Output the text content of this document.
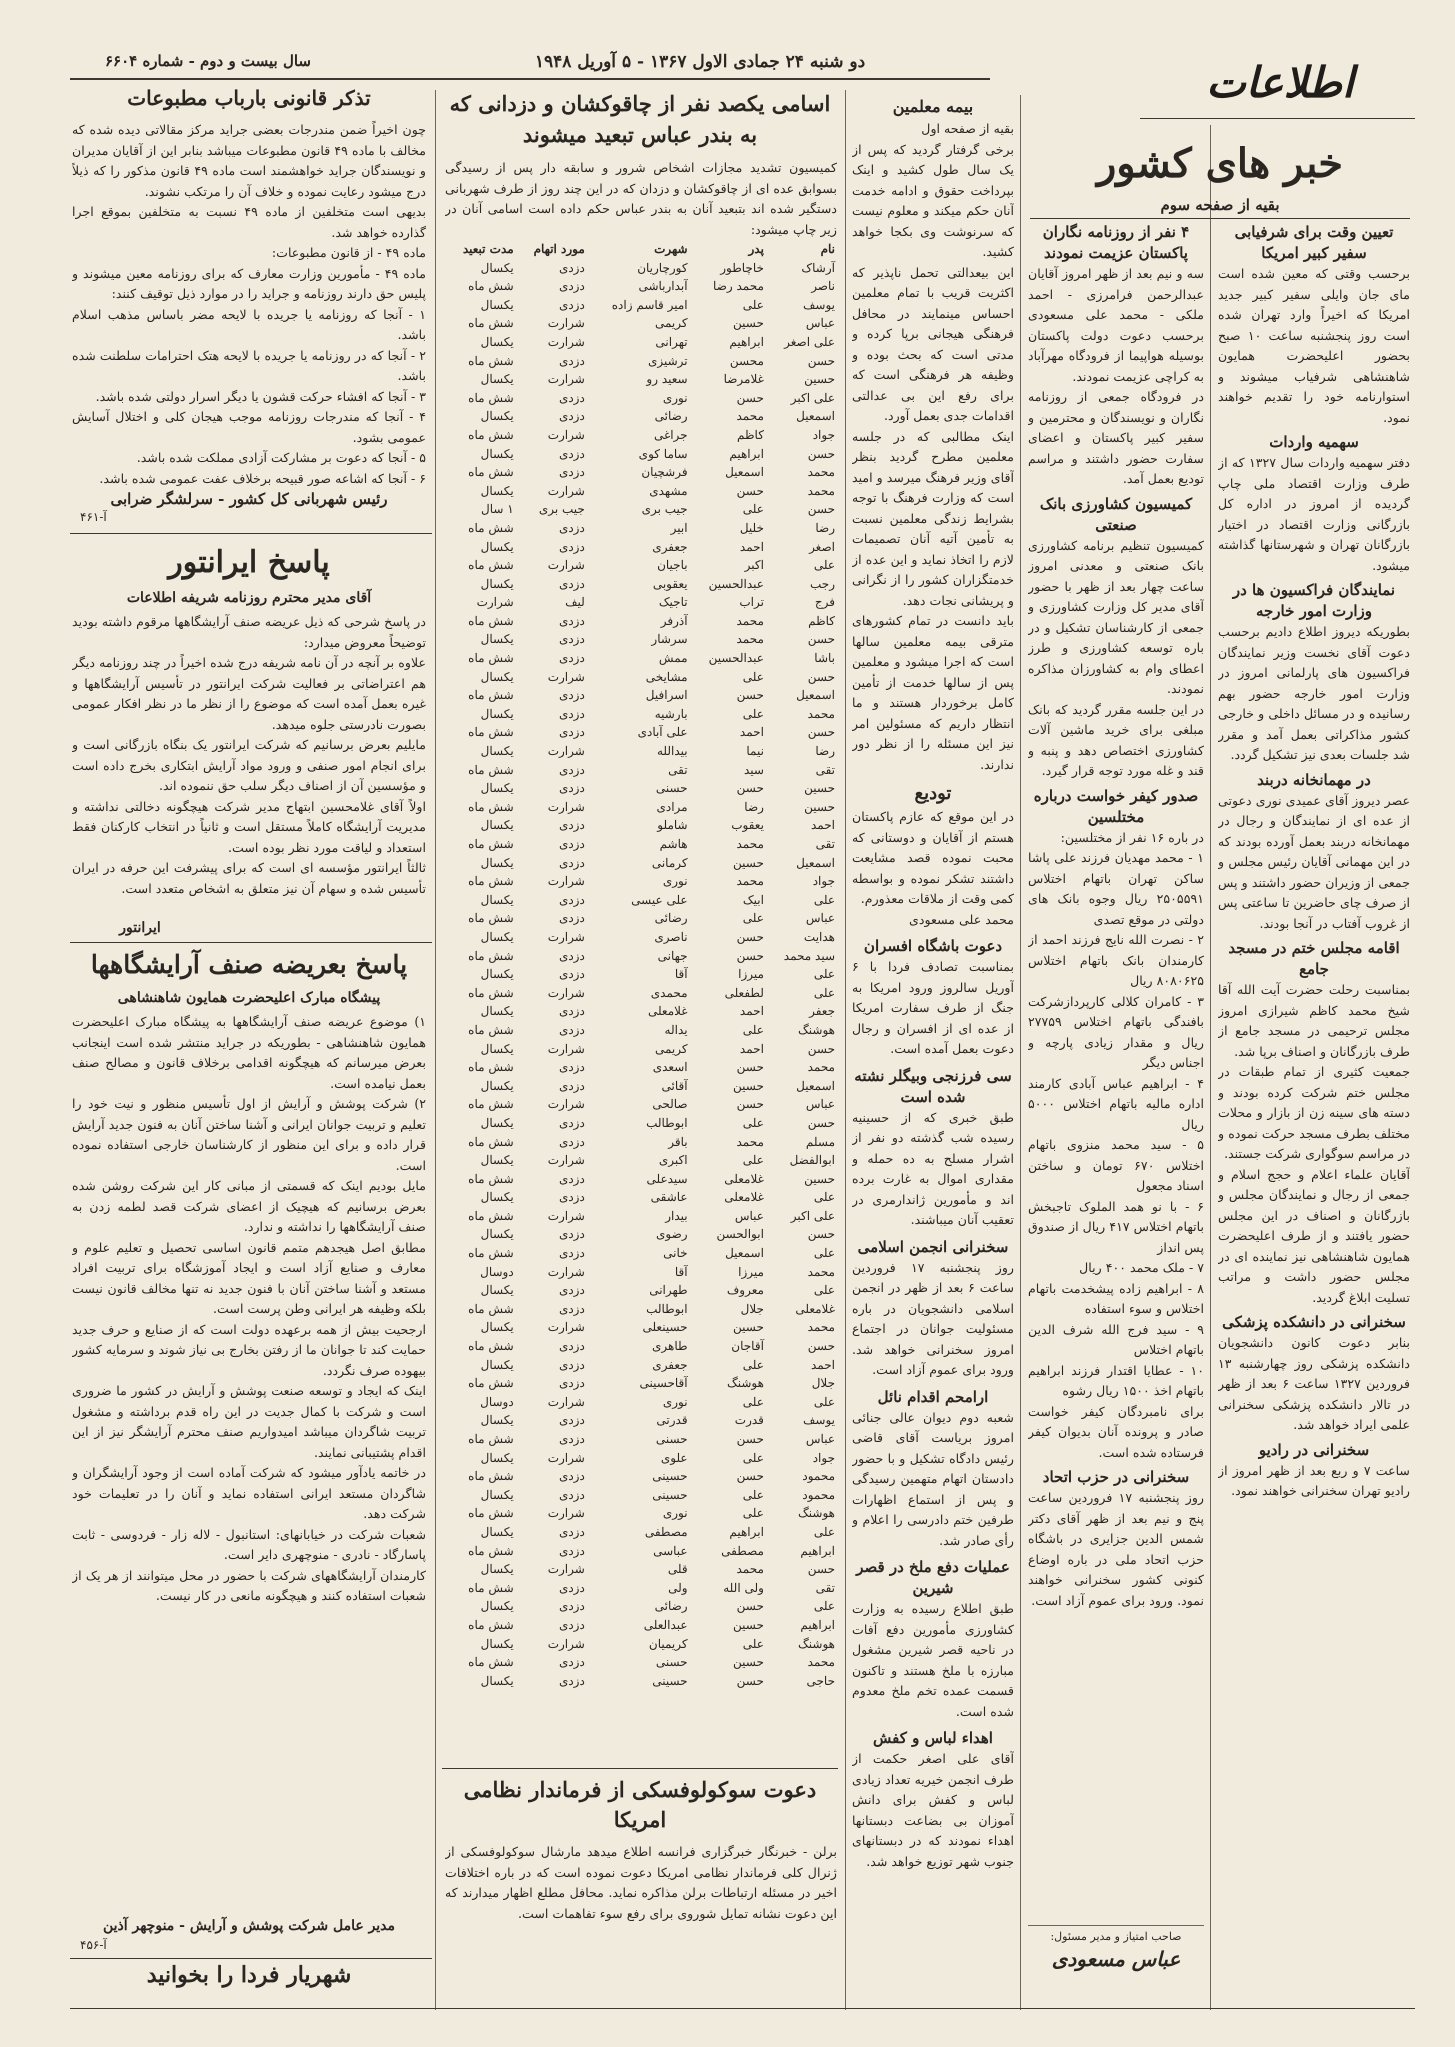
اطلاعات
دو شنبه ۲۴ جمادی الاول ۱۳۶۷ - ۵ آوریل ۱۹۴۸
سال بیست و دوم - شماره ۶۶۰۴
خبر های کشور
بقیه از صفحه سوم
تعیین وقت برای شرفیابی سفیر کبیر امریکا
برحسب وقتی که معین شده است مای جان وایلی سفیر کبیر جدید امریکا که اخیراً وارد تهران شده است روز پنجشنبه ساعت ۱۰ صبح بحضور اعلیحضرت همایون شاهنشاهی شرفیاب میشوند و استوارنامه خود را تقدیم خواهند نمود.
سهمیه واردات
دفتر سهمیه واردات سال ۱۳۲۷ که از طرف وزارت اقتصاد ملی چاپ گردیده از امروز در اداره کل بازرگانی وزارت اقتصاد در اختیار بازرگانان تهران و شهرستانها گذاشته میشود.
نمایندگان فراکسیون ها در وزارت امور خارجه
بطوریکه دیروز اطلاع دادیم برحسب دعوت آقای نخست وزیر نمایندگان فراکسیون های پارلمانی امروز در وزارت امور خارجه حضور بهم رسانیده و در مسائل داخلی و خارجی کشور مذاکراتی بعمل آمد و مقرر شد جلسات بعدی نیز تشکیل گردد.
در مهمانخانه دربند
عصر دیروز آقای عمیدی نوری دعوتی از عده ای از نمایندگان و رجال در مهمانخانه دربند بعمل آورده بودند که در این مهمانی آقایان رئیس مجلس و جمعی از وزیران حضور داشتند و پس از صرف چای حاضرین تا ساعتی پس از غروب آفتاب در آنجا بودند.
اقامه مجلس ختم در مسجد جامع
بمناسبت رحلت حضرت آیت الله آقا شیخ محمد کاظم شیرازی امروز مجلس ترحیمی در مسجد جامع از طرف بازرگانان و اصناف برپا شد.
جمعیت کثیری از تمام طبقات در مجلس ختم شرکت کرده بودند و دسته های سینه زن از بازار و محلات مختلف بطرف مسجد حرکت نموده و در مراسم سوگواری شرکت جستند.
آقایان علماء اعلام و حجج اسلام و جمعی از رجال و نمایندگان مجلس و بازرگانان و اصناف در این مجلس حضور یافتند و از طرف اعلیحضرت همایون شاهنشاهی نیز نماینده ای در مجلس حضور داشت و مراتب تسلیت ابلاغ گردید.
سخنرانی در دانشکده پزشکی
بنابر دعوت کانون دانشجویان دانشکده پزشکی روز چهارشنبه ۱۳ فروردین ۱۳۲۷ ساعت ۶ بعد از ظهر در تالار دانشکده پزشکی سخنرانی علمی ایراد خواهد شد.
سخنرانی در رادیو
ساعت ۷ و ربع بعد از ظهر امروز از رادیو تهران سخنرانی خواهند نمود.
۴ نفر از روزنامه نگاران پاکستان عزیمت نمودند
سه و نیم بعد از ظهر امروز آقایان عبدالرحمن فرامرزی - احمد ملکی - محمد علی مسعودی برحسب دعوت دولت پاکستان بوسیله هواپیما از فرودگاه مهرآباد به کراچی عزیمت نمودند.
در فرودگاه جمعی از روزنامه نگاران و نویسندگان و محترمین و سفیر کبیر پاکستان و اعضای سفارت حضور داشتند و مراسم تودیع بعمل آمد.
کمیسیون کشاورزی بانک صنعتی
کمیسیون تنظیم برنامه کشاورزی بانک صنعتی و معدنی امروز ساعت چهار بعد از ظهر با حضور آقای مدیر کل وزارت کشاورزی و جمعی از کارشناسان تشکیل و در باره توسعه کشاورزی و طرز اعطای وام به کشاورزان مذاکره نمودند.
در این جلسه مقرر گردید که بانک مبلغی برای خرید ماشین آلات کشاورزی اختصاص دهد و پنبه و قند و غله مورد توجه قرار گیرد.
صدور کیفر خواست درباره مختلسین
در باره ۱۶ نفر از مختلسین:
۱ - محمد مهدیان فرزند علی پاشا ساکن تهران باتهام اختلاس ۲۵۰۵۵۹۱ ریال وجوه بانک های دولتی در موقع تصدی
۲ - نصرت الله نایج فرزند احمد از کارمندان بانک باتهام اختلاس ۸۰۸۰۶۲۵ ریال
۳ - کامران کلالی کارپردازشرکت بافندگی باتهام اختلاس ۲۷۷۵۹ ریال و مقدار زیادی پارچه و اجناس دیگر
۴ - ابراهیم عباس آبادی کارمند اداره مالیه باتهام اختلاس ۵۰۰۰ ریال
۵ - سید محمد منزوی باتهام اختلاس ۶۷۰ تومان و ساختن اسناد مجعول
۶ - با نو همد الملوک تاجبخش باتهام اختلاس ۴۱۷ ریال از صندوق پس انداز
۷ - ملک محمد ۴۰۰ ریال
۸ - ابراهیم زاده پیشخدمت باتهام اختلاس و سوء استفاده
۹ - سید فرج الله شرف الدین باتهام اختلاس
۱۰ - عطایا اقتدار فرزند ابراهیم باتهام اخذ ۱۵۰۰ ریال رشوه
برای نامبردگان کیفر خواست صادر و پرونده آنان بدیوان کیفر فرستاده شده است.
سخنرانی در حزب اتحاد
روز پنجشنبه ۱۷ فروردین ساعت پنج و نیم بعد از ظهر آقای دکتر شمس الدین جزایری در باشگاه حزب اتحاد ملی در باره اوضاع کنونی کشور سخنرانی خواهند نمود. ورود برای عموم آزاد است.
صاحب امتیاز و مدیر مسئول:
عباس مسعودی
بیمه معلمین
بقیه از صفحه اول
برخی گرفتار گردید که پس از یک سال طول کشید و اینک بپرداخت حقوق و ادامه خدمت آنان حکم میکند و معلوم نیست که سرنوشت وی بکجا خواهد کشید.
این بیعدالتی تحمل ناپذیر که اکثریت قریب با تمام معلمین احساس مینمایند در محافل فرهنگی هیجانی برپا کرده و مدتی است که بحث بوده و وظیفه هر فرهنگی است که برای رفع این بی عدالتی اقدامات جدی بعمل آورد.
اینک مطالبی که در جلسه معلمین مطرح گردید بنظر آقای وزیر فرهنگ میرسد و امید است که وزارت فرهنگ با توجه بشرایط زندگی معلمین نسبت به تأمین آتیه آنان تصمیمات لازم را اتخاذ نماید و این عده از خدمتگزاران کشور را از نگرانی و پریشانی نجات دهد.
باید دانست در تمام کشورهای مترقی بیمه معلمین سالها است که اجرا میشود و معلمین پس از سالها خدمت از تأمین کامل برخوردار هستند و ما انتظار داریم که مسئولین امر نیز این مسئله را از نظر دور ندارند.
تودیع
در این موقع که عازم پاکستان هستم از آقایان و دوستانی که محبت نموده قصد مشایعت داشتند تشکر نموده و بواسطه کمی وقت از ملاقات معذورم.
محمد علی مسعودی
دعوت باشگاه افسران
بمناسبت تصادف فردا با ۶ آوریل سالروز ورود امریکا به جنگ از طرف سفارت امریکا از عده ای از افسران و رجال دعوت بعمل آمده است.
سی فرزنجی وبیگلر نشته شده است
طبق خبری که از حسینیه رسیده شب گذشته دو نفر از اشرار مسلح به ده حمله و مقداری اموال به غارت برده اند و مأمورین ژاندارمری در تعقیب آنان میباشند.
سخنرانی انجمن اسلامی
روز پنجشنبه ۱۷ فروردین ساعت ۶ بعد از ظهر در انجمن اسلامی دانشجویان در باره مسئولیت جوانان در اجتماع امروز سخنرانی خواهد شد. ورود برای عموم آزاد است.
ارامحم اقدام نائل
شعبه دوم دیوان عالی جنائی امروز بریاست آقای قاضی رئیس دادگاه تشکیل و با حضور دادستان اتهام متهمین رسیدگی و پس از استماع اظهارات طرفین ختم دادرسی را اعلام و رأی صادر شد.
عملیات دفع ملخ در قصر شیرین
طبق اطلاع رسیده به وزارت کشاورزی مأمورین دفع آفات در ناحیه قصر شیرین مشغول مبارزه با ملخ هستند و تاکنون قسمت عمده تخم ملخ معدوم شده است.
اهداء لباس و کفش
آقای علی اصغر حکمت از طرف انجمن خیریه تعداد زیادی لباس و کفش برای دانش آموزان بی بضاعت دبستانها اهداء نمودند که در دبستانهای جنوب شهر توزیع خواهد شد.
اسامی یکصد نفر از چاقوکشان و دزدانی که به بندر عباس تبعید میشوند
کمیسیون تشدید مجازات اشخاص شرور و سابقه دار پس از رسیدگی بسوابق عده ای از چاقوکشان و دزدان که در این چند روز از طرف شهربانی دستگیر شده اند بتبعید آنان به بندر عباس حکم داده است اسامی آنان در زیر چاپ میشود:
نام	پدر	شهرت	مورد اتهام	مدت تبعید
آرشاک	خاچاطور	کورچاریان	دزدی	یکسال
ناصر	محمد رضا	آبدارباشی	دزدی	شش ماه
یوسف	علی	امیر قاسم زاده	دزدی	یکسال
عباس	حسین	کریمی	شرارت	شش ماه
علی اصغر	ابراهیم	تهرانی	شرارت	یکسال
حسن	محسن	ترشیزی	دزدی	شش ماه
حسین	غلامرضا	سعید رو	شرارت	یکسال
علی اکبر	حسن	نوری	دزدی	شش ماه
اسمعیل	محمد	رضائی	دزدی	یکسال
جواد	کاظم	جراغی	شرارت	شش ماه
حسن	ابراهیم	ساما کوی	دزدی	یکسال
محمد	اسمعیل	فرشچیان	دزدی	شش ماه
محمد	حسن	مشهدی	شرارت	یکسال
حسن	علی	جیب بری	جیب بری	۱ سال
رضا	خلیل	ابیر	دزدی	شش ماه
اصغر	احمد	جعفری	دزدی	یکسال
علی	اکبر	باجیان	شرارت	شش ماه
رجب	عبدالحسین	یعقوبی	دزدی	یکسال
فرج	تراب	تاجیک	لیف	شرارت
کاظم	محمد	آذرفر	دزدی	شش ماه
حسن	محمد	سرشار	دزدی	یکسال
باشا	عبدالحسین	ممش	دزدی	شش ماه
حسن	علی	مشایخی	شرارت	یکسال
اسمعیل	حسن	اسرافیل	دزدی	شش ماه
محمد	علی	بارشیه	دزدی	یکسال
حسن	احمد	علی آبادی	دزدی	شش ماه
رضا	نیما	بیدالله	شرارت	یکسال
تقی	سید	تقی	دزدی	شش ماه
حسین	حسن	حسنی	دزدی	یکسال
حسین	رضا	مرادی	شرارت	شش ماه
احمد	یعقوب	شاملو	دزدی	یکسال
تقی	محمد	هاشم	دزدی	شش ماه
اسمعیل	حسین	کرمانی	دزدی	یکسال
جواد	محمد	نوری	شرارت	شش ماه
علی	ابیک	علی عیسی	دزدی	یکسال
عباس	علی	رضائی	دزدی	شش ماه
هدایت	حسن	ناصری	شرارت	یکسال
سید محمد	حسن	جهانی	دزدی	شش ماه
علی	میرزا	آقا	دزدی	یکسال
علی	لطفعلی	محمدی	شرارت	شش ماه
جعفر	احمد	غلامعلی	دزدی	یکسال
هوشنگ	علی	یداله	دزدی	شش ماه
حسن	احمد	کریمی	شرارت	یکسال
محمد	حسن	اسعدی	دزدی	شش ماه
اسمعیل	حسین	آقائی	دزدی	یکسال
عباس	حسن	صالحی	شرارت	شش ماه
حسن	علی	ابوطالب	دزدی	یکسال
مسلم	محمد	باقر	دزدی	شش ماه
ابوالفضل	علی	اکبری	شرارت	یکسال
حسین	غلامعلی	سیدعلی	دزدی	شش ماه
علی	غلامعلی	عاشقی	دزدی	یکسال
علی اکبر	عباس	بیدار	شرارت	شش ماه
حسن	ابوالحسن	رضوی	دزدی	یکسال
علی	اسمعیل	خانی	دزدی	شش ماه
محمد	میرزا	آقا	شرارت	دوسال
علی	معروف	طهرانی	دزدی	یکسال
غلامعلی	جلال	ابوطالب	دزدی	شش ماه
محمد	حسین	حسینعلی	شرارت	یکسال
حسن	آقاجان	طاهری	دزدی	شش ماه
احمد	علی	جعفری	دزدی	یکسال
جلال	هوشنگ	آقاحسینی	دزدی	شش ماه
علی	علی	نوری	شرارت	دوسال
یوسف	قدرت	قدرتی	دزدی	یکسال
عباس	حسن	حسنی	دزدی	شش ماه
جواد	علی	علوی	شرارت	یکسال
محمود	حسن	حسینی	دزدی	شش ماه
محمود	علی	حسینی	دزدی	یکسال
هوشنگ	علی	نوری	شرارت	شش ماه
علی	ابراهیم	مصطفی	دزدی	یکسال
ابراهیم	مصطفی	عباسی	دزدی	شش ماه
حسن	محمد	قلی	شرارت	یکسال
تقی	ولی الله	ولی	دزدی	شش ماه
علی	حسن	رضائی	دزدی	یکسال
ابراهیم	حسین	عبدالعلی	دزدی	شش ماه
هوشنگ	علی	کریمیان	شرارت	یکسال
محمد	حسین	حسنی	دزدی	شش ماه
حاجی	حسن	حسینی	دزدی	یکسال
دعوت سوکولوفسکی از فرماندار نظامی امریکا
برلن - خبرنگار خبرگزاری فرانسه اطلاع میدهد مارشال سوکولوفسکی از ژنرال کلی فرماندار نظامی امریکا دعوت نموده است که در باره اختلافات اخیر در مسئله ارتباطات برلن مذاکره نماید. محافل مطلع اظهار میدارند که این دعوت نشانه تمایل شوروی برای رفع سوء تفاهمات است.
تذکر قانونی بارباب مطبوعات
چون اخیراً ضمن مندرجات بعضی جراید مرکز مقالاتی دیده شده که مخالف با ماده ۴۹ قانون مطبوعات میباشد بنابر این از آقایان مدیران و نویسندگان جراید خواهشمند است ماده ۴۹ قانون مذکور را که ذیلاً درج میشود رعایت نموده و خلاف آن را مرتکب نشوند.
بدیهی است متخلفین از ماده ۴۹ نسبت به متخلفین بموقع اجرا گذارده خواهد شد.
ماده ۴۹ - از قانون مطبوعات:
ماده ۴۹ - مأمورین وزارت معارف که برای روزنامه معین میشوند و پلیس حق دارند روزنامه و جراید را در موارد ذیل توقیف کنند:
۱ - آنجا که روزنامه یا جریده با لایحه مضر باساس مذهب اسلام باشد.
۲ - آنجا که در روزنامه یا جریده با لایحه هتک احترامات سلطنت شده باشد.
۳ - آنجا که افشاء حرکت قشون یا دیگر اسرار دولتی شده باشد.
۴ - آنجا که مندرجات روزنامه موجب هیجان کلی و اختلال آسایش عمومی بشود.
۵ - آنجا که دعوت بر مشارکت آزادی مملکت شده باشد.
۶ - آنجا که اشاعه صور قبیحه برخلاف عفت عمومی شده باشد.
رئیس شهربانی کل کشور - سرلشگر ضرابی
آ-۴۶۱
پاسخ ایرانتور
آقای مدیر محترم روزنامه شریفه اطلاعات
در پاسخ شرحی که ذیل عریضه صنف آرایشگاهها مرقوم داشته بودید توضیحاً معروض میدارد:
علاوه بر آنچه در آن نامه شریفه درج شده اخیراً در چند روزنامه دیگر هم اعتراضاتی بر فعالیت شرکت ایرانتور در تأسیس آرایشگاهها و غیره بعمل آمده است که موضوع را از نظر ما در نظر افکار عمومی بصورت نادرستی جلوه میدهد.
مایلیم بعرض برسانیم که شرکت ایرانتور یک بنگاه بازرگانی است و برای انجام امور صنفی و ورود مواد آرایش ابتکاری بخرج داده است و مؤسسین آن از اصناف دیگر سلب حق ننموده اند.
اولاً آقای غلامحسین ابتهاج مدیر شرکت هیچگونه دخالتی نداشته و مدیریت آرایشگاه کاملاً مستقل است و ثانیاً در انتخاب کارکنان فقط استعداد و لیاقت مورد نظر بوده است.
ثالثاً ایرانتور مؤسسه ای است که برای پیشرفت این حرفه در ایران تأسیس شده و سهام آن نیز متعلق به اشخاص متعدد است.
ایرانتور
پاسخ بعریضه صنف آرایشگاهها
پیشگاه مبارک اعلیحضرت همایون شاهنشاهی
۱) موضوع عریضه صنف آرایشگاهها به پیشگاه مبارک اعلیحضرت همایون شاهنشاهی - بطوریکه در جراید منتشر شده است اینجانب بعرض میرسانم که هیچگونه اقدامی برخلاف قانون و مصالح صنف بعمل نیامده است.
۲) شرکت پوشش و آرایش از اول تأسیس منظور و نیت خود را تعلیم و تربیت جوانان ایرانی و آشنا ساختن آنان به فنون جدید آرایش قرار داده و برای این منظور از کارشناسان خارجی استفاده نموده است.
مایل بودیم اینک که قسمتی از مبانی کار این شرکت روشن شده بعرض برسانیم که هیچیک از اعضای شرکت قصد لطمه زدن به صنف آرایشگاهها را نداشته و ندارد.
مطابق اصل هیجدهم متمم قانون اساسی تحصیل و تعلیم علوم و معارف و صنایع آزاد است و ایجاد آموزشگاه برای تربیت افراد مستعد و آشنا ساختن آنان با فنون جدید نه تنها مخالف قانون نیست بلکه وظیفه هر ایرانی وطن پرست است.
ارجحیت بیش از همه برعهده دولت است که از صنایع و حرف جدید حمایت کند تا جوانان ما از رفتن بخارج بی نیاز شوند و سرمایه کشور بیهوده صرف نگردد.
اینک که ایجاد و توسعه صنعت پوشش و آرایش در کشور ما ضروری است و شرکت با کمال جدیت در این راه قدم برداشته و مشغول تربیت شاگردان میباشد امیدواریم صنف محترم آرایشگر نیز از این اقدام پشتیبانی نمایند.
در خاتمه یادآور میشود که شرکت آماده است از وجود آرایشگران و شاگردان مستعد ایرانی استفاده نماید و آنان را در تعلیمات خود شرکت دهد.
شعبات شرکت در خیابانهای: استانبول - لاله زار - فردوسی - ثابت پاسارگاد - نادری - منوچهری دایر است.
کارمندان آرایشگاههای شرکت با حضور در محل میتوانند از هر یک از شعبات استفاده کنند و هیچگونه مانعی در کار نیست.
مدیر عامل شرکت پوشش و آرایش - منوچهر آذین
آ-۴۵۶
شهریار فردا را بخوانید
